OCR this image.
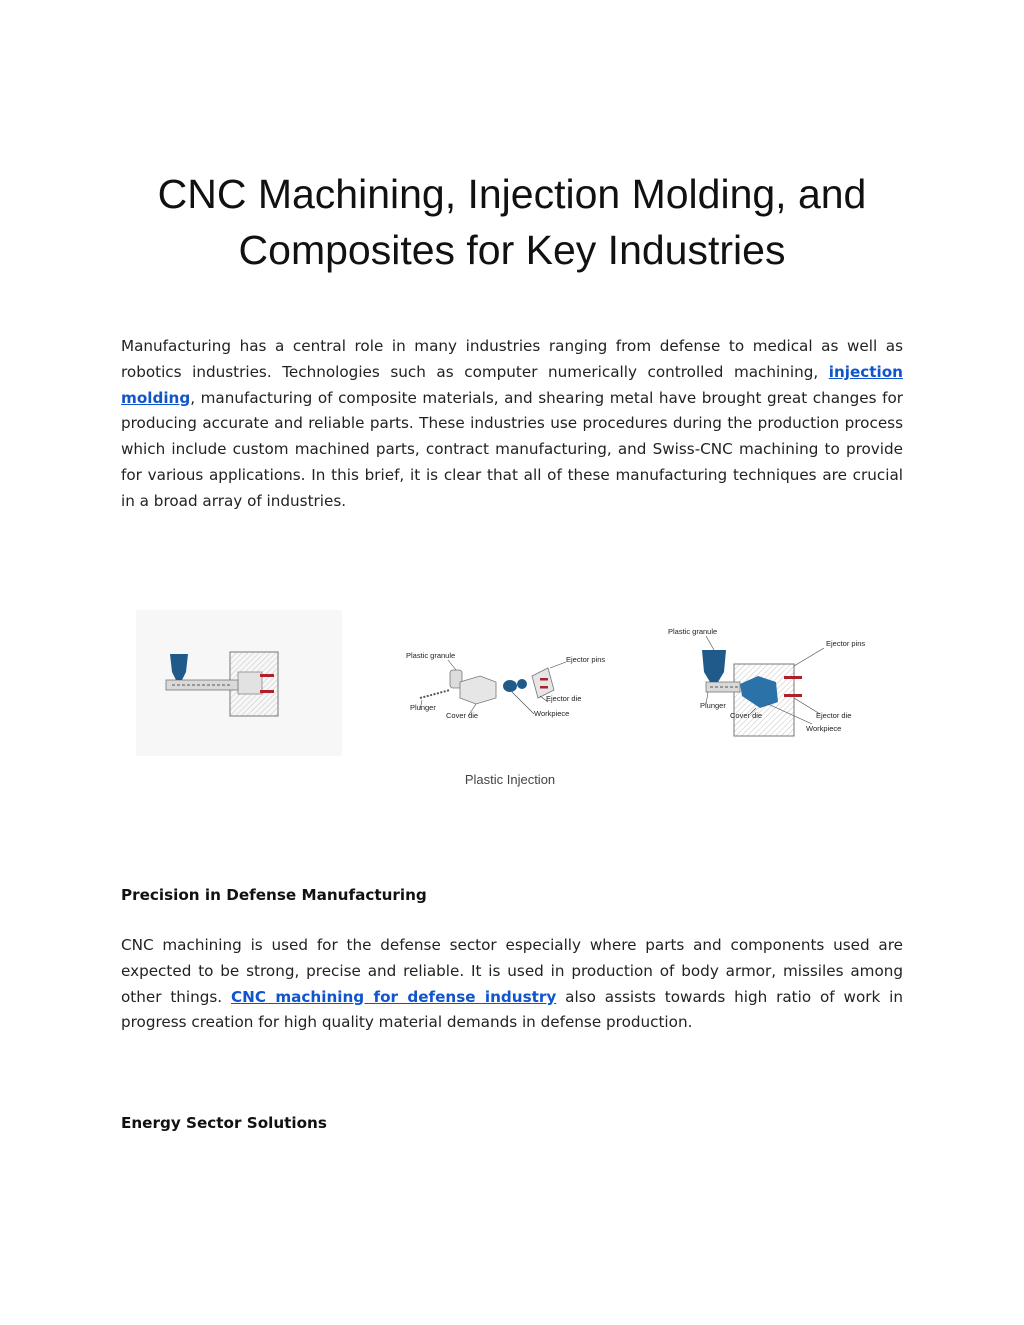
CNC Machining, Injection Molding, and Composites for Key Industries

Manufacturing has a central role in many industries ranging from defense to medical as well as robotics industries. Technologies such as computer numerically controlled machining, injection molding, manufacturing of composite materials, and shearing metal have brought great changes for producing accurate and reliable parts. These industries use procedures during the production process which include custom machined parts, contract manufacturing, and Swiss-CNC machining to provide for various applications. In this brief, it is clear that all of these manufacturing techniques are crucial in a broad array of industries.

Plastic granule	Ejector pins
Ejector die
Plunger
Cover die	Workpiece
Plastic granule
Ejector pins
Plunger
Cover die	Ejector die
Workpiece
Plastic Injection

Precision in Defense Manufacturing

CNC machining is used for the defense sector especially where parts and components used are expected to be strong, precise and reliable. It is used in production of body armor, missiles among other things. CNC machining for defense industry also assists towards high ratio of work in progress creation for high quality material demands in defense production.

Energy Sector Solutions
